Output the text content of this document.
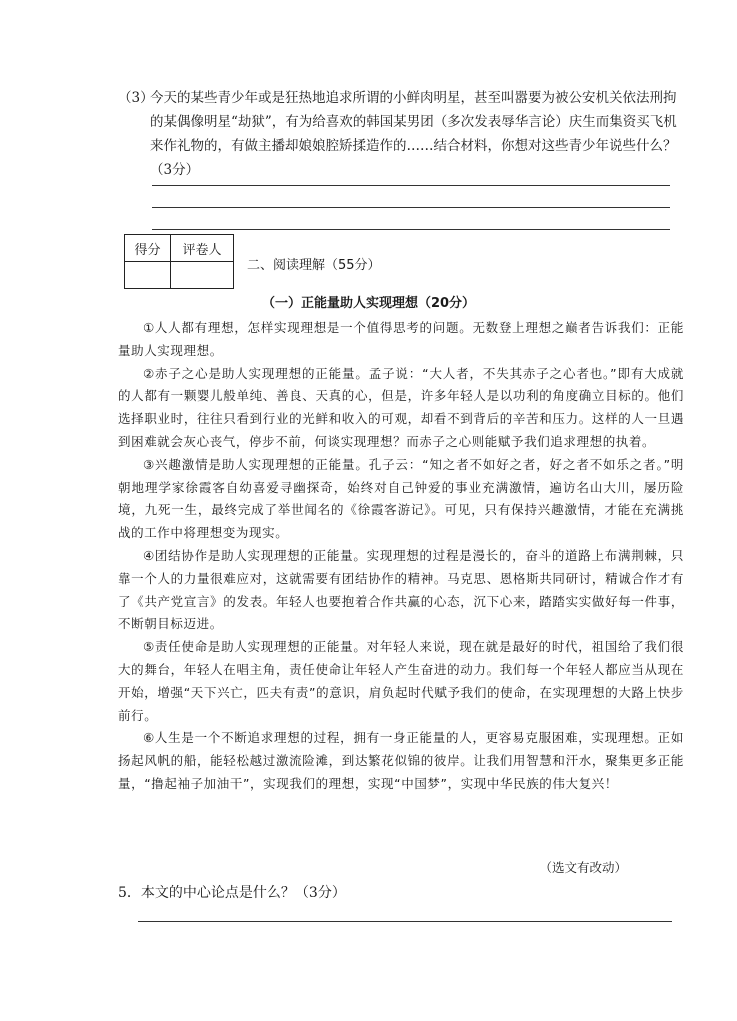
（3）
今天的某些青少年或是狂热地追求所谓的小鲜肉明星，甚至叫嚣要为被公安机关依法刑拘的某偶像明星“劫狱”，有为给喜欢的韩国某男团（多次发表辱华言论）庆生而集资买飞机来作礼物的，有做主播却娘娘腔矫揉造作的……结合材料，你想对这些青少年说些什么？（3分）
得分	评卷人

二、阅读理解（55分）
（一）正能量助人实现理想（20分）

①人人都有理想，怎样实现理想是一个值得思考的问题。无数登上理想之巅者告诉我们：正能量助人实现理想。

②赤子之心是助人实现理想的正能量。孟子说：“大人者，不失其赤子之心者也。”即有大成就的人都有一颗婴儿般单纯、善良、天真的心，但是，许多年轻人是以功利的角度确立目标的。他们选择职业时，往往只看到行业的光鲜和收入的可观，却看不到背后的辛苦和压力。这样的人一旦遇到困难就会灰心丧气，停步不前，何谈实现理想？而赤子之心则能赋予我们追求理想的执着。

③兴趣激情是助人实现理想的正能量。孔子云：“知之者不如好之者，好之者不如乐之者。”明朝地理学家徐霞客自幼喜爱寻幽探奇，始终对自己钟爱的事业充满激情，遍访名山大川，屡历险境，九死一生，最终完成了举世闻名的《徐霞客游记》。可见，只有保持兴趣激情，才能在充满挑战的工作中将理想变为现实。

④团结协作是助人实现理想的正能量。实现理想的过程是漫长的，奋斗的道路上布满荆棘，只靠一个人的力量很难应对，这就需要有团结协作的精神。马克思、恩格斯共同研讨，精诚合作才有了《共产党宣言》的发表。年轻人也要抱着合作共赢的心态，沉下心来，踏踏实实做好每一件事，不断朝目标迈进。

⑤责任使命是助人实现理想的正能量。对年轻人来说，现在就是最好的时代，祖国给了我们很大的舞台，年轻人在唱主角，责任使命让年轻人产生奋进的动力。我们每一个年轻人都应当从现在开始，增强“天下兴亡，匹夫有责”的意识，肩负起时代赋予我们的使命，在实现理想的大路上快步前行。

⑥人生是一个不断追求理想的过程，拥有一身正能量的人，更容易克服困难，实现理想。正如扬起风帆的船，能轻松越过激流险滩，到达繁花似锦的彼岸。让我们用智慧和汗水，聚集更多正能量，“撸起袖子加油干”，实现我们的理想，实现“中国梦”，实现中华民族的伟大复兴！

（选文有改动）
5．本文的中心论点是什么？（3分）
